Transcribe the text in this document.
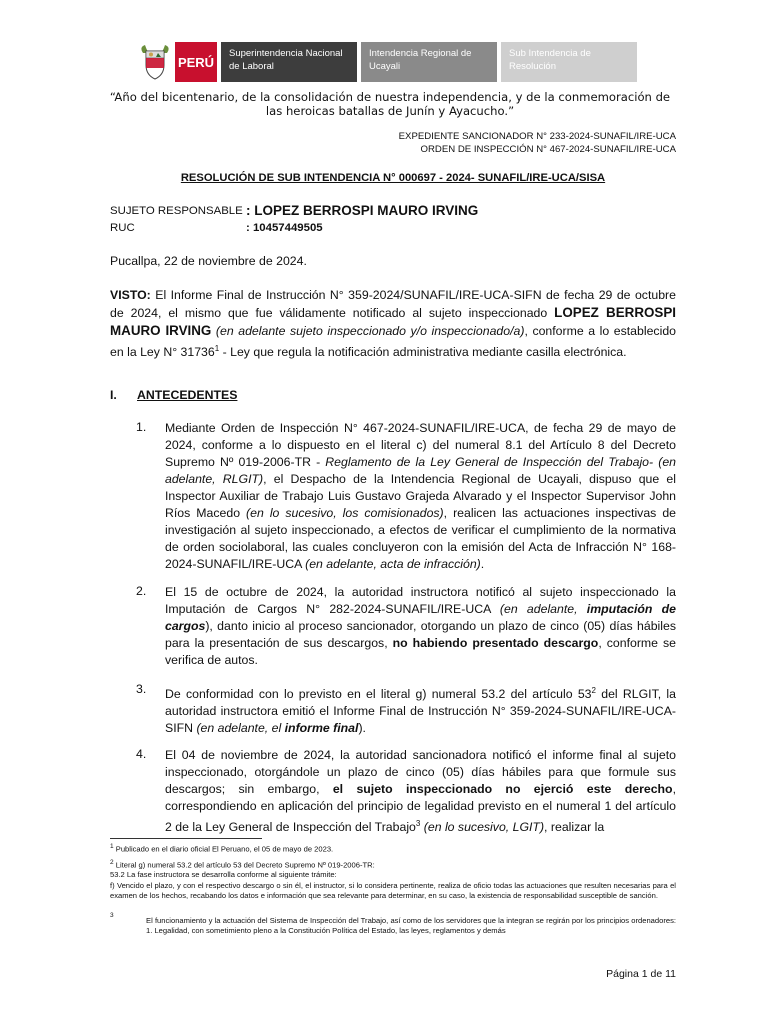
PERÚ
Superintendencia Nacional de Laboral
Intendencia Regional de Ucayali
Sub Intendencia de Resolución
“Año del bicentenario, de la consolidación de nuestra independencia, y de la conmemoración de las heroicas batallas de Junín y Ayacucho.”
EXPEDIENTE SANCIONADOR N° 233-2024-SUNAFIL/IRE-UCA
ORDEN DE INSPECCIÓN N° 467-2024-SUNAFIL/IRE-UCA
RESOLUCIÓN DE SUB INTENDENCIA N° 000697 - 2024- SUNAFIL/IRE-UCA/SISA
SUJETO RESPONSABLE : LOPEZ BERROSPI MAURO IRVING
RUC	: 10457449505
Pucallpa, 22 de noviembre de 2024.
VISTO: El Informe Final de Instrucción N° 359-2024/SUNAFIL/IRE-UCA-SIFN de fecha 29 de octubre de 2024, el mismo que fue válidamente notificado al sujeto inspeccionado LOPEZ BERROSPI MAURO IRVING (en adelante sujeto inspeccionado y/o inspeccionado/a), conforme a lo establecido en la Ley N° 31736$^1$ - Ley que regula la notificación administrativa mediante casilla electrónica.
I. ANTECEDENTES
1. Mediante Orden de Inspección N° 467-2024-SUNAFIL/IRE-UCA, de fecha 29 de mayo de 2024, conforme a lo dispuesto en el literal c) del numeral 8.1 del Artículo 8 del Decreto Supremo Nº 019-2006-TR - Reglamento de la Ley General de Inspección del Trabajo- (en adelante, RLGIT), el Despacho de la Intendencia Regional de Ucayali, dispuso que el Inspector Auxiliar de Trabajo Luis Gustavo Grajeda Alvarado y el Inspector Supervisor John Ríos Macedo (en lo sucesivo, los comisionados), realicen las actuaciones inspectivas de investigación al sujeto inspeccionado, a efectos de verificar el cumplimiento de la normativa de orden sociolaboral, las cuales concluyeron con la emisión del Acta de Infracción N° 168-2024-SUNAFIL/IRE-UCA (en adelante, acta de infracción).
2. El 15 de octubre de 2024, la autoridad instructora notificó al sujeto inspeccionado la Imputación de Cargos N° 282-2024-SUNAFIL/IRE-UCA (en adelante, imputación de cargos), danto inicio al proceso sancionador, otorgando un plazo de cinco (05) días hábiles para la presentación de sus descargos, no habiendo presentado descargo, conforme se verifica de autos.
3. De conformidad con lo previsto en el literal g) numeral 53.2 del artículo $53^2$ del RLGIT, la autoridad instructora emitió el Informe Final de Instrucción N° 359-2024-SUNAFIL/IRE-UCA-SIFN (en adelante, el informe final).
4. El 04 de noviembre de 2024, la autoridad sancionadora notificó el informe final al sujeto inspeccionado, otorgándole un plazo de cinco (05) días hábiles para que formule sus descargos; sin embargo, el sujeto inspeccionado no ejerció este derecho, correspondiendo en aplicación del principio de legalidad previsto en el numeral 1 del artículo 2 de la Ley General de Inspección del Trabajo$^3$ (en lo sucesivo, LGIT), realizar la
$^1$ Publicado en el diario oficial El Peruano, el 05 de mayo de 2023.
$^2$ Literal g) numeral 53.2 del artículo 53 del Decreto Supremo Nº 019-2006-TR:
53.2 La fase instructora se desarrolla conforme al siguiente trámite:
f) Vencido el plazo, y con el respectivo descargo o sin él, el instructor, si lo considera pertinente, realiza de oficio todas las actuaciones que resulten necesarias para el examen de los hechos, recabando los datos e información que sea relevante para determinar, en su caso, la existencia de responsabilidad susceptible de sanción.
$^3$
El funcionamiento y la actuación del Sistema de Inspección del Trabajo, así como de los servidores que la integran se regirán por los principios ordenadores: 1. Legalidad, con sometimiento pleno a la Constitución Política del Estado, las leyes, reglamentos y demás
Página 1 de 11
